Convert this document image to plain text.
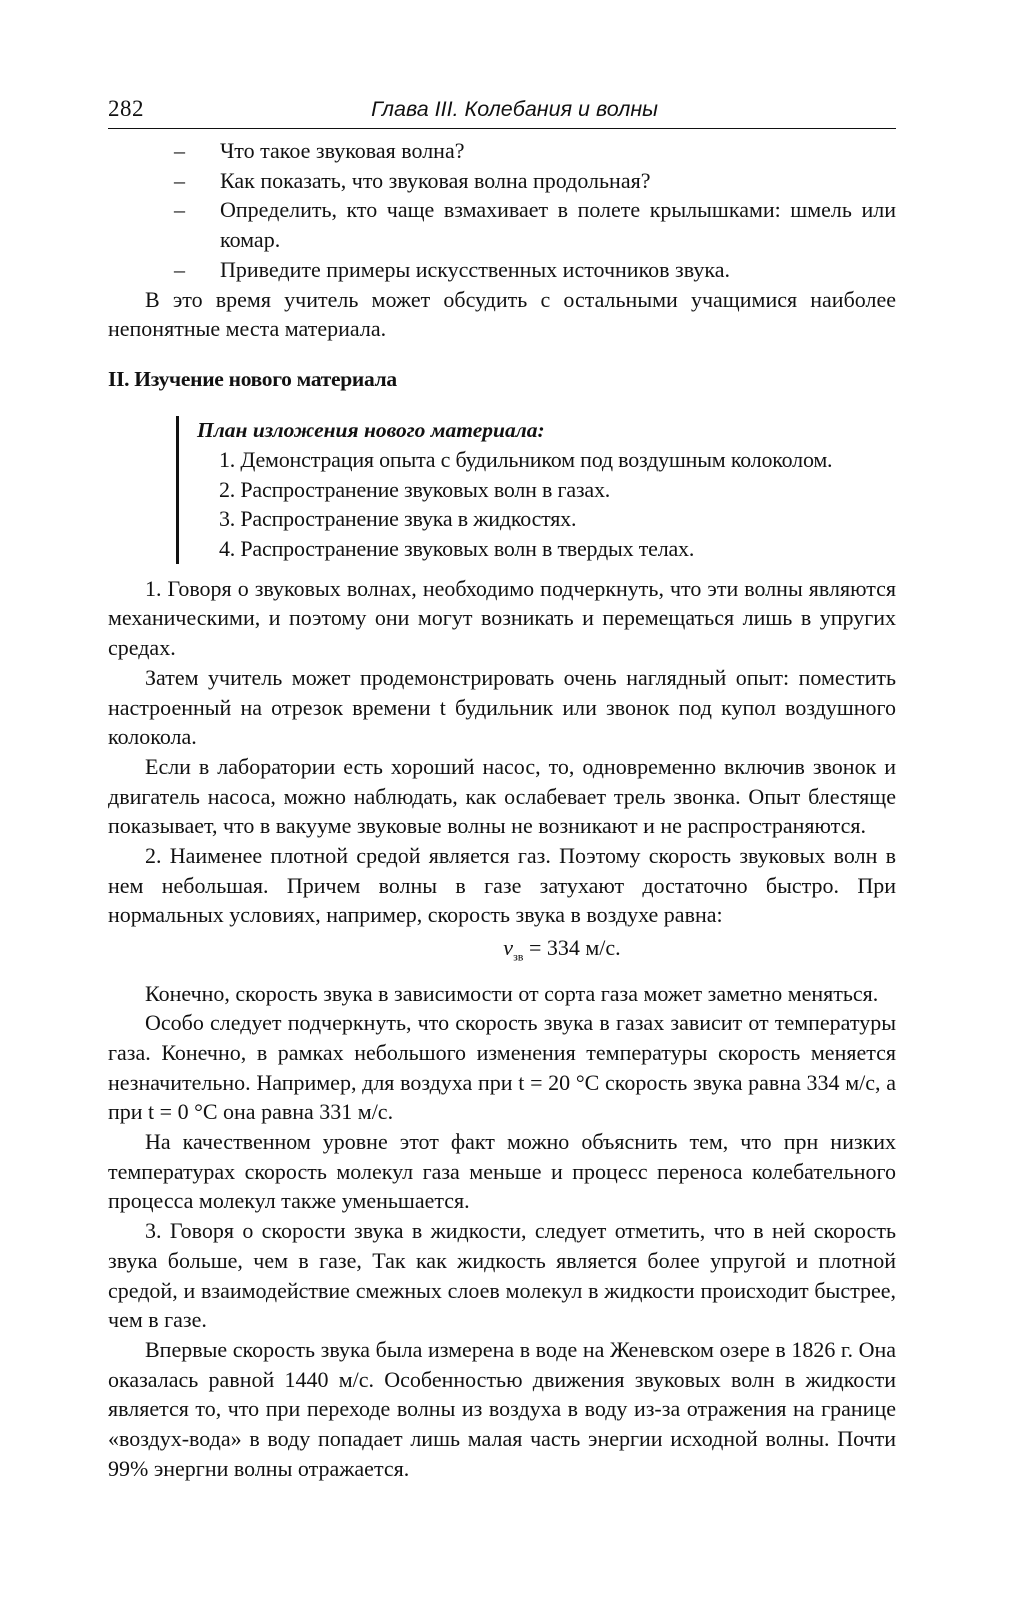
282	Глава III. Колебания и волны
– Что такое звуковая волна?
– Как показать, что звуковая волна продольная?
– Определить, кто чаще взмахивает в полете крылышками: шмель или комар.
– Приведите примеры искусственных источников звука.

В это время учитель может обсудить с остальными учащимися наиболее непонятные места материала.

II. Изучение нового материала
План изложения нового материала:
1. Демонстрация опыта с будильником под воздушным колоколом.
2. Распространение звуковых волн в газах.
3. Распространение звука в жидкостях.
4. Распространение звуковых волн в твердых телах.

1. Говоря о звуковых волнах, необходимо подчеркнуть, что эти волны являются механическими, и поэтому они могут возникать и перемещаться лишь в упругих средах.

Затем учитель может продемонстрировать очень наглядный опыт: поместить настроенный на отрезок времени t будильник или звонок под купол воздушного колокола.

Если в лаборатории есть хороший насос, то, одновременно включив звонок и двигатель насоса, можно наблюдать, как ослабевает трель звонка. Опыт блестяще показывает, что в вакууме звуковые волны не возникают и не распространяются.

2. Наименее плотной средой является газ. Поэтому скорость звуковых волн в нем небольшая. Причем волны в газе затухают достаточно быстро. При нормальных условиях, например, скорость звука в воздухе равна:

$v_{зв} = 334$ м/с.

Конечно, скорость звука в зависимости от сорта газа может заметно меняться.

Особо следует подчеркнуть, что скорость звука в газах зависит от температуры газа. Конечно, в рамках небольшого изменения температуры скорость меняется незначительно. Например, для воздуха при t = 20 °С скорость звука равна 334 м/с, а при t = 0 °С она равна 331 м/с.

На качественном уровне этот факт можно объяснить тем, что прн низких температурах скорость молекул газа меньше и процесс переноса колебательного процесса молекул также уменьшается.

3. Говоря о скорости звука в жидкости, следует отметить, что в ней скорость звука больше, чем в газе, Так как жидкость является более упругой и плотной средой, и взаимодействие смежных слоев молекул в жидкости происходит быстрее, чем в газе.

Впервые скорость звука была измерена в воде на Женевском озере в 1826 г. Она оказалась равной 1440 м/с. Особенностью движения звуковых волн в жидкости является то, что при переходе волны из воздуха в воду из-за отражения на границе «воздух-вода» в воду попадает лишь малая часть энергии исходной волны. Почти 99% энергни волны отражается.
